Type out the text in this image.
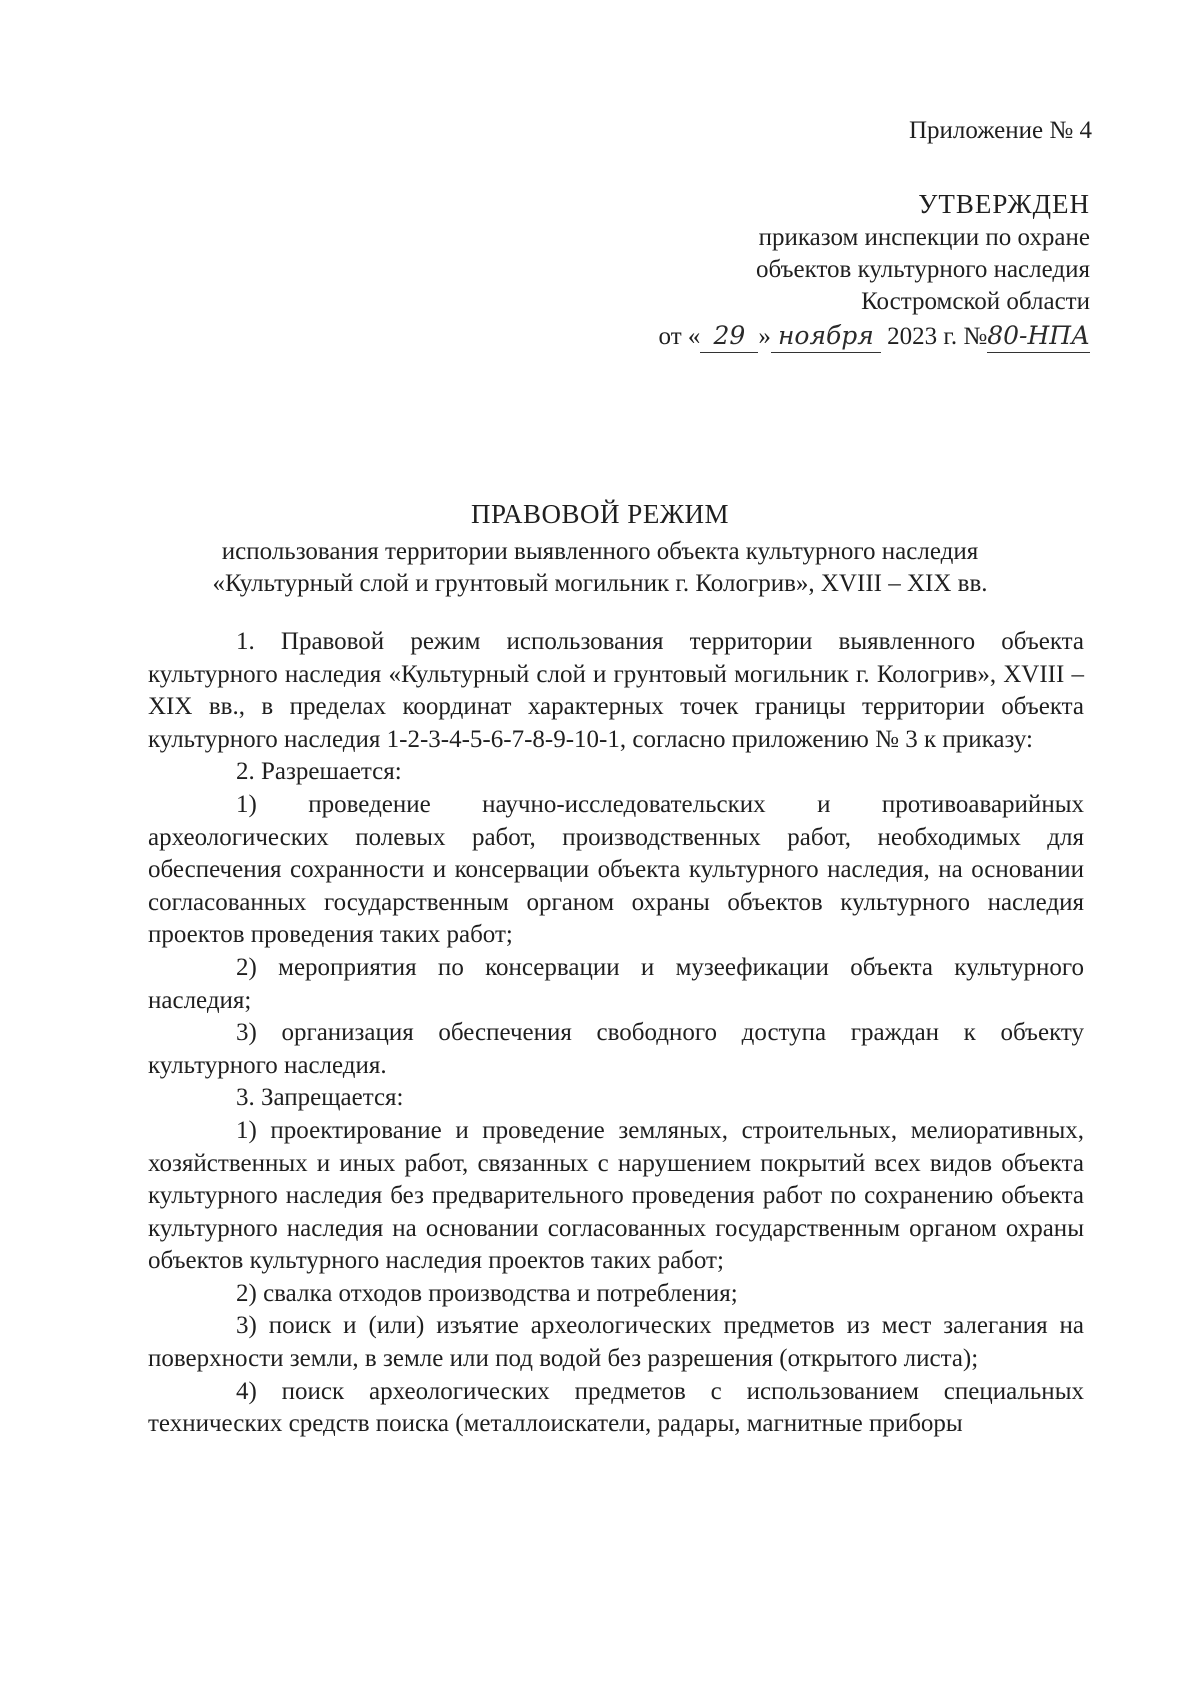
Приложение № 4
УТВЕРЖДЕН
приказом инспекции по охране
объектов культурного наследия
Костромской области
от « 29 » ноября 2023 г. №80-НПА
ПРАВОВОЙ РЕЖИМ
использования территории выявленного объекта культурного наследия
«Культурный слой и грунтовый могильник г. Кологрив», XVIII – XIX вв.

1. Правовой режим использования территории выявленного объекта культурного наследия «Культурный слой и грунтовый могильник г. Кологрив», XVIII – XIX вв., в пределах координат характерных точек границы территории объекта культурного наследия 1-2-3-4-5-6-7-8-9-10-1, согласно приложению № 3 к приказу:

2. Разрешается:

1) проведение научно-исследовательских и противоаварийных археологических полевых работ, производственных работ, необходимых для обеспечения сохранности и консервации объекта культурного наследия, на основании согласованных государственным органом охраны объектов культурного наследия проектов проведения таких работ;

2) мероприятия по консервации и музеефикации объекта культурного наследия;

3) организация обеспечения свободного доступа граждан к объекту культурного наследия.

3. Запрещается:

1) проектирование и проведение земляных, строительных, мелиоративных, хозяйственных и иных работ, связанных с нарушением покрытий всех видов объекта культурного наследия без предварительного проведения работ по сохранению объекта культурного наследия на основании согласованных государственным органом охраны объектов культурного наследия проектов таких работ;

2) свалка отходов производства и потребления;

3) поиск и (или) изъятие археологических предметов из мест залегания на поверхности земли, в земле или под водой без разрешения (открытого листа);

4) поиск археологических предметов с использованием специальных технических средств поиска (металлоискатели, радары, магнитные приборы
